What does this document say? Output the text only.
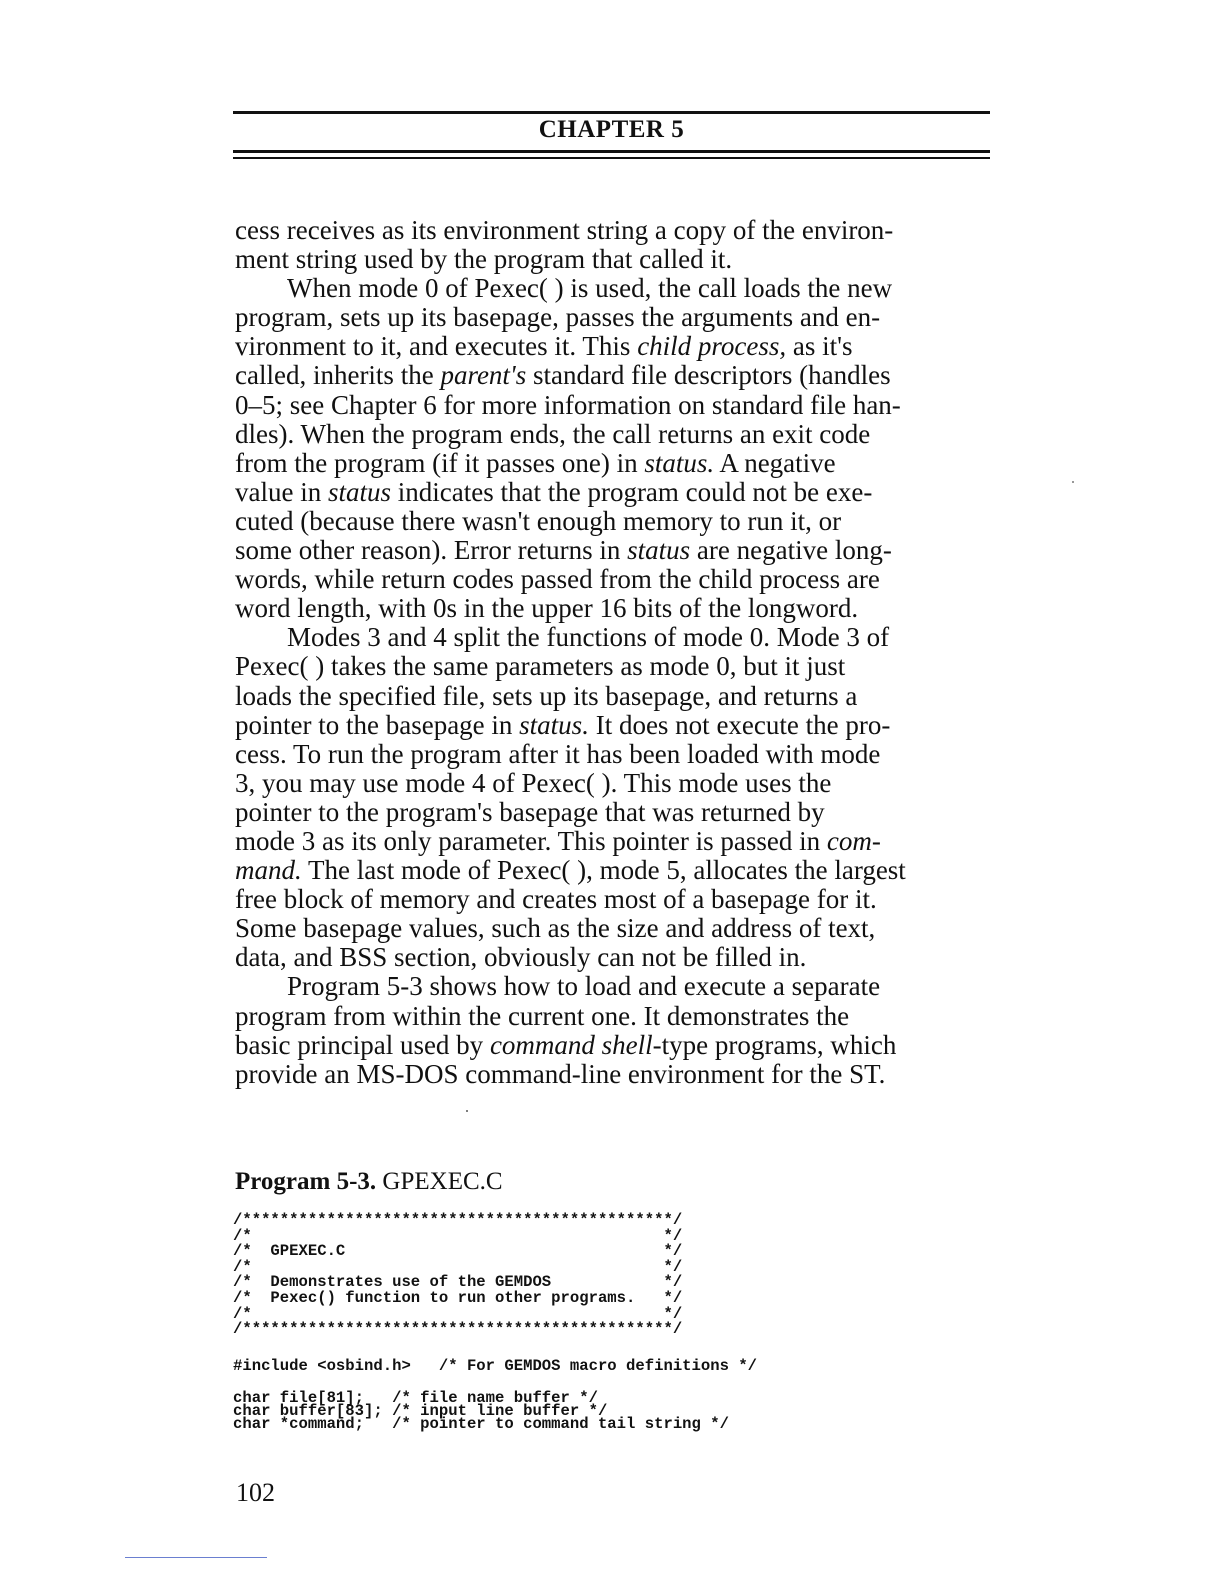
CHAPTER 5

cess receives as its environment string a copy of the environ-
ment string used by the program that called it.

When mode 0 of Pexec( ) is used, the call loads the new
program, sets up its basepage, passes the arguments and en-
vironment to it, and executes it. This child process, as it's
called, inherits the parent's standard file descriptors (handles
0–5; see Chapter 6 for more information on standard file han-
dles). When the program ends, the call returns an exit code
from the program (if it passes one) in status. A negative
value in status indicates that the program could not be exe-
cuted (because there wasn't enough memory to run it, or
some other reason). Error returns in status are negative long-
words, while return codes passed from the child process are
word length, with 0s in the upper 16 bits of the longword.

Modes 3 and 4 split the functions of mode 0. Mode 3 of
Pexec( ) takes the same parameters as mode 0, but it just
loads the specified file, sets up its basepage, and returns a
pointer to the basepage in status. It does not execute the pro-
cess. To run the program after it has been loaded with mode
3, you may use mode 4 of Pexec( ). This mode uses the
pointer to the program's basepage that was returned by
mode 3 as its only parameter. This pointer is passed in com-
mand. The last mode of Pexec( ), mode 5, allocates the largest
free block of memory and creates most of a basepage for it.
Some basepage values, such as the size and address of text,
data, and BSS section, obviously can not be filled in.

Program 5-3 shows how to load and execute a separate
program from within the current one. It demonstrates the
basic principal used by command shell-type programs, which
provide an MS-DOS command-line environment for the ST.

Program 5-3. GPEXEC.C
/**********************************************/
/*                                            */
/*  GPEXEC.C                                  */
/*                                            */
/*  Demonstrates use of the GEMDOS            */
/*  Pexec() function to run other programs.   */
/*                                            */
/**********************************************/
#include <osbind.h>   /* For GEMDOS macro definitions */
char file[81];   /* file name buffer */
char buffer[83]; /* input line buffer */
char *command;   /* pointer to command tail string */
102
